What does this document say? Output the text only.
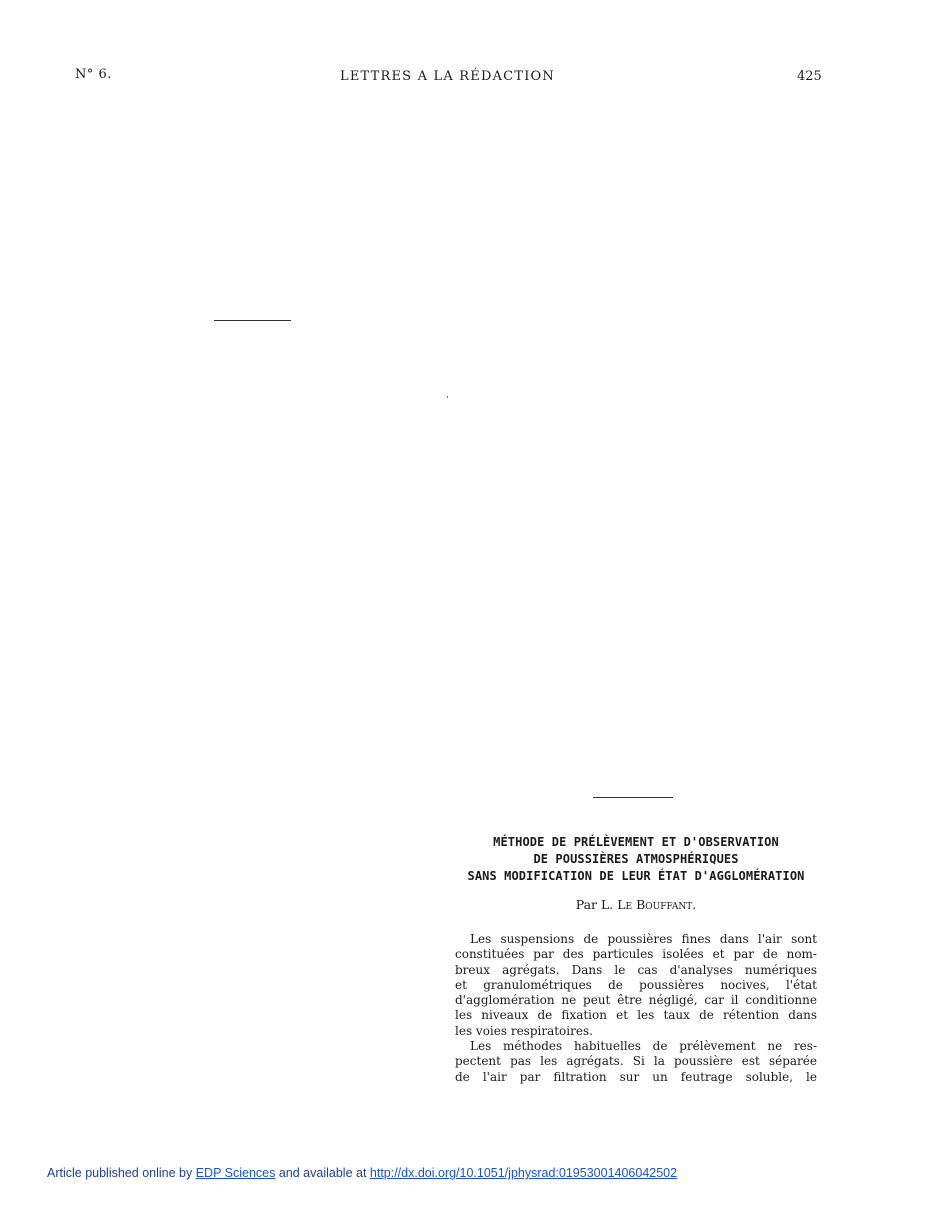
N° 6.	LETTRES A LA RÉDACTION	425
MÉTHODE DE PRÉLÈVEMENT ET D'OBSERVATION
DE POUSSIÈRES ATMOSPHÉRIQUES
SANS MODIFICATION DE LEUR ÉTAT D'AGGLOMÉRATION
Par L. Le Bouffant.
Les suspensions de poussières fines dans l'air sont
constituées par des particules isolées et par de nom-
breux agrégats. Dans le cas d'analyses numériques
et granulométriques de poussières nocives, l'état
d'agglomération ne peut être négligé, car il conditionne
les niveaux de fixation et les taux de rétention dans
les voies respiratoires.
Les méthodes habituelles de prélèvement ne res-
pectent pas les agrégats. Si la poussière est séparée
de l'air par filtration sur un feutrage soluble, le
Article published online by EDP Sciences and available at http://dx.doi.org/10.1051/jphysrad:01953001406042502
